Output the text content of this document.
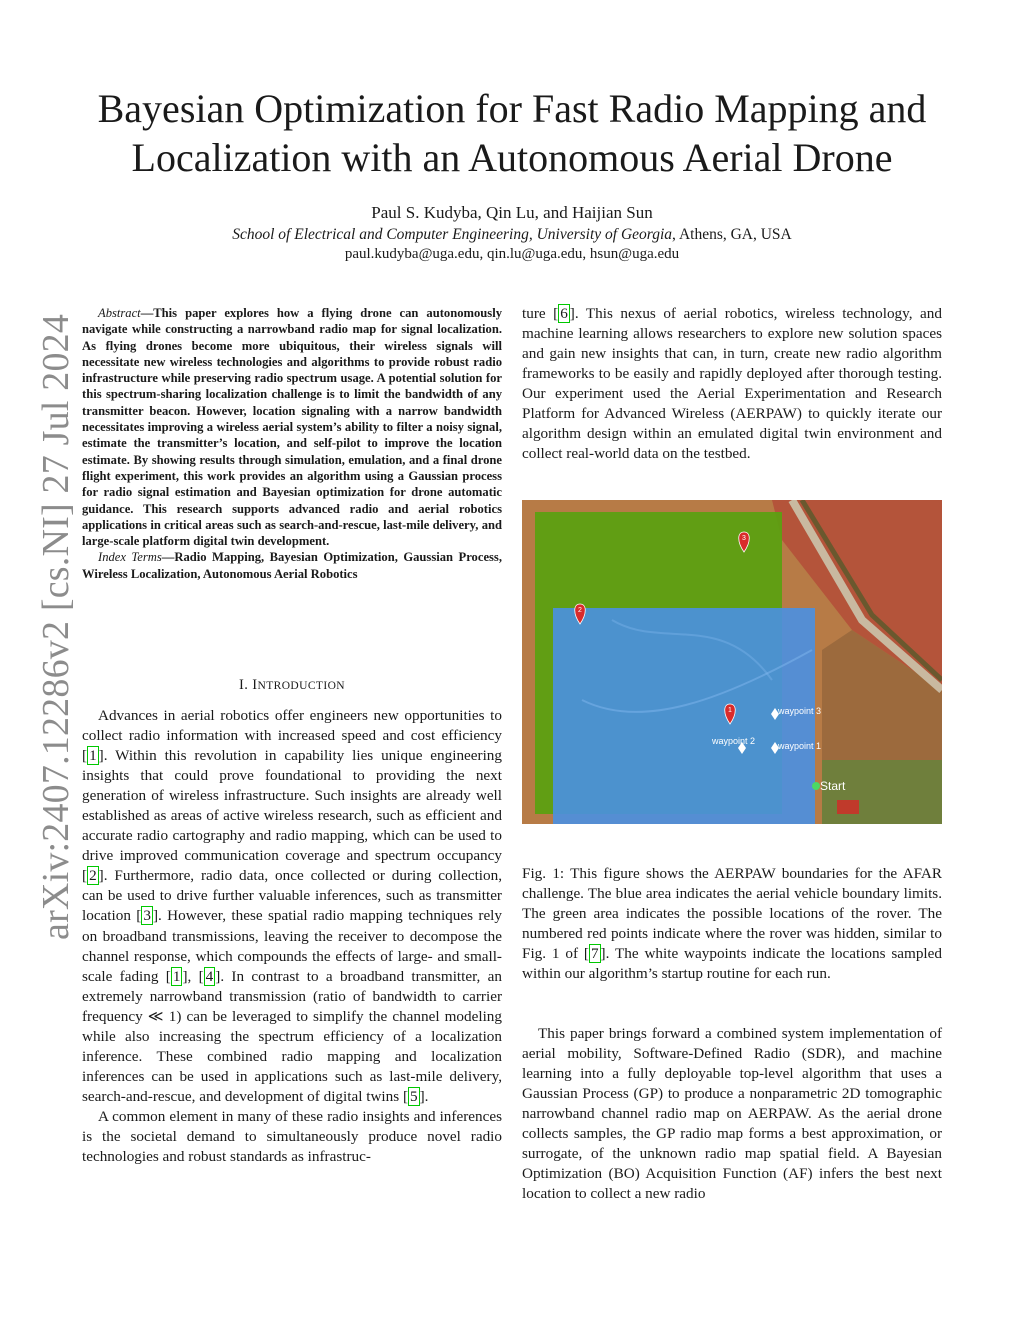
arXiv:2407.12286v2 [cs.NI] 27 Jul 2024
Bayesian Optimization for Fast Radio Mapping and
Localization with an Autonomous Aerial Drone
Paul S. Kudyba, Qin Lu, and Haijian Sun
School of Electrical and Computer Engineering, University of Georgia, Athens, GA, USA
paul.kudyba@uga.edu, qin.lu@uga.edu, hsun@uga.edu

Abstract—This paper explores how a flying drone can autonomously navigate while constructing a narrowband radio map for signal localization. As flying drones become more ubiquitous, their wireless signals will necessitate new wireless technologies and algorithms to provide robust radio infrastructure while preserving radio spectrum usage. A potential solution for this spectrum-sharing localization challenge is to limit the bandwidth of any transmitter beacon. However, location signaling with a narrow bandwidth necessitates improving a wireless aerial system’s ability to filter a noisy signal, estimate the transmitter’s location, and self-pilot to improve the location estimate. By showing results through simulation, emulation, and a final drone flight experiment, this work provides an algorithm using a Gaussian process for radio signal estimation and Bayesian optimization for drone automatic guidance. This research supports advanced radio and aerial robotics applications in critical areas such as search-and-rescue, last-mile delivery, and large-scale platform digital twin development.

Index Terms—Radio Mapping, Bayesian Optimization, Gaussian Process, Wireless Localization, Autonomous Aerial Robotics

I. INTRODUCTION

Advances in aerial robotics offer engineers new opportunities to collect radio information with increased speed and cost efficiency [ 1 ]. Within this revolution in capability lies unique engineering insights that could prove foundational to providing the next generation of wireless infrastructure. Such insights are already well established as areas of active wireless research, such as efficient and accurate radio cartography and radio mapping, which can be used to drive improved communication coverage and spectrum occupancy [ 2 ]. Furthermore, radio data, once collected or during collection, can be used to drive further valuable inferences, such as transmitter location [ 3 ]. However, these spatial radio mapping techniques rely on broadband transmissions, leaving the receiver to decompose the channel response, which compounds the effects of large- and small-scale fading [ 1 ], [ 4 ]. In contrast to a broadband transmitter, an extremely narrowband transmission (ratio of bandwidth to carrier frequency ≪ 1) can be leveraged to simplify the channel modeling while also increasing the spectrum efficiency of a localization inference. These combined radio mapping and localization inferences can be used in applications such as last-mile delivery, search-and-rescue, and development of digital twins [ 5 ].

A common element in many of these radio insights and inferences is the societal demand to simultaneously produce novel radio technologies and robust standards as infrastruc-

ture [ 6 ]. This nexus of aerial robotics, wireless technology, and machine learning allows researchers to explore new solution spaces and gain new insights that can, in turn, create new radio algorithm frameworks to be easily and rapidly deployed after thorough testing. Our experiment used the Aerial Experimentation and Research Platform for Advanced Wireless (AERPAW) to quickly iterate our algorithm design within an emulated digital twin environment and collect real-world data on the testbed.

1
2
3
waypoint 3
waypoint 2	waypoint 1
Start

Fig. 1: This figure shows the AERPAW boundaries for the AFAR challenge. The blue area indicates the aerial vehicle boundary limits. The green area indicates the possible locations of the rover. The numbered red points indicate where the rover was hidden, similar to Fig. 1 of [ 7 ]. The white waypoints indicate the locations sampled within our algorithm’s startup routine for each run.

This paper brings forward a combined system implementation of aerial mobility, Software-Defined Radio (SDR), and machine learning into a fully deployable top-level algorithm that uses a Gaussian Process (GP) to produce a nonparametric 2D tomographic narrowband channel radio map on AERPAW. As the aerial drone collects samples, the GP radio map forms a best approximation, or surrogate, of the unknown radio map spatial field. A Bayesian Optimization (BO) Acquisition Function (AF) infers the best next location to collect a new radio
